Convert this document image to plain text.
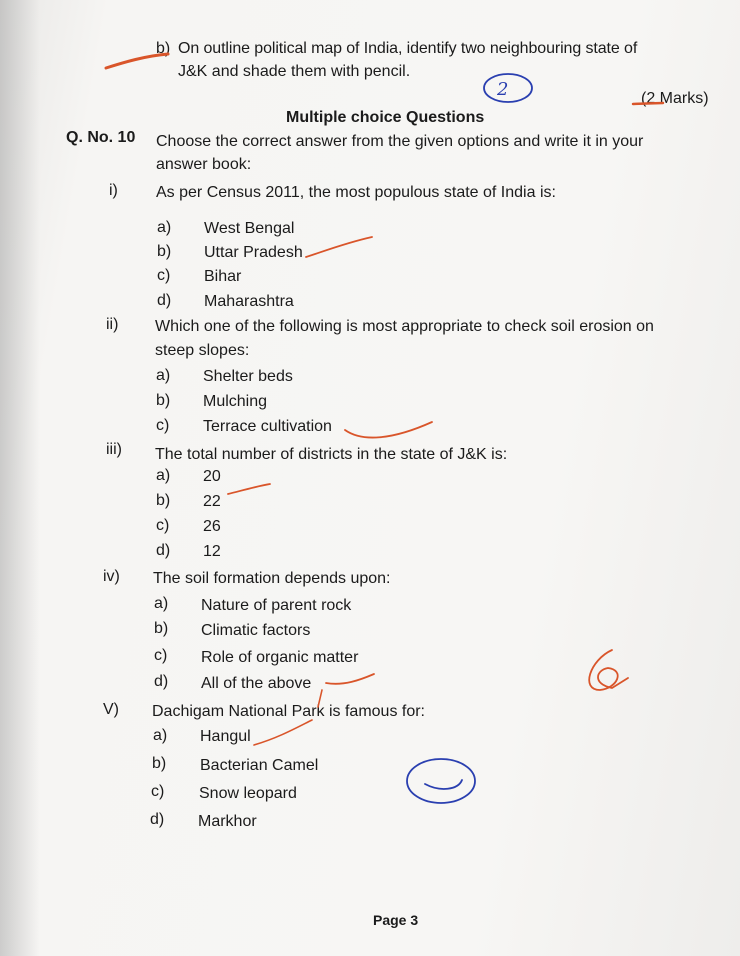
b) On outline political map of India, identify two neighbouring state of
J&K and shade them with pencil.
(2 Marks)
Multiple choice Questions
Q. No. 10 Choose the correct answer from the given options and write it in your
answer book:
i) As per Census 2011, the most populous state of India is:
a) West Bengal
b) Uttar Pradesh
c) Bihar
d) Maharashtra
ii) Which one of the following is most appropriate to check soil erosion on
steep slopes:
a) Shelter beds
b) Mulching
c) Terrace cultivation
iii) The total number of districts in the state of J&K is:
a) 20
b) 22
c) 26
d) 12
iv) The soil formation depends upon:
a) Nature of parent rock
b) Climatic factors
c) Role of organic matter
d) All of the above
V) Dachigam National Park is famous for:
a) Hangul
b) Bacterian Camel
c) Snow leopard
d) Markhor
Page 3
2
